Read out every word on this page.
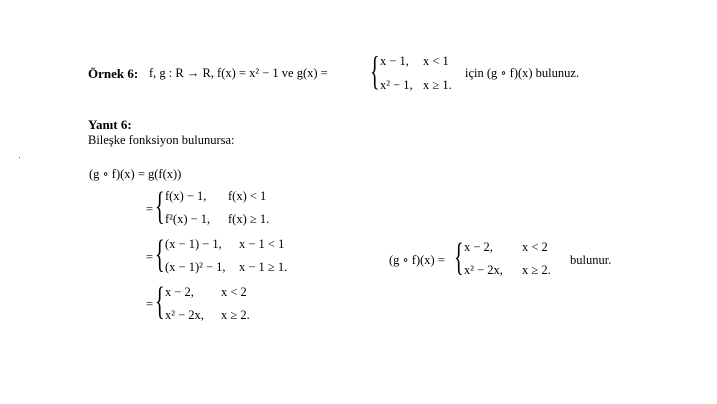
Örnek 6: f, g : R → R, f(x) = x² − 1 ve g(x) = { x − 1, x < 1
x² − 1, x ≥ 1.
için (g ∘ f)(x) bulunuz.
Yanıt 6:
Bileşke fonksiyon bulunursa:
(g ∘ f)(x) = g(f(x))
= { f(x) − 1, f(x) < 1
f²(x) − 1, f(x) ≥ 1.
= { (x − 1) − 1, x − 1 < 1
(x − 1)² − 1, x − 1 ≥ 1.
= { x − 2, x < 2
x² − 2x, x ≥ 2.
(g ∘ f)(x) = { x − 2, x < 2
x² − 2x, x ≥ 2.
bulunur.
